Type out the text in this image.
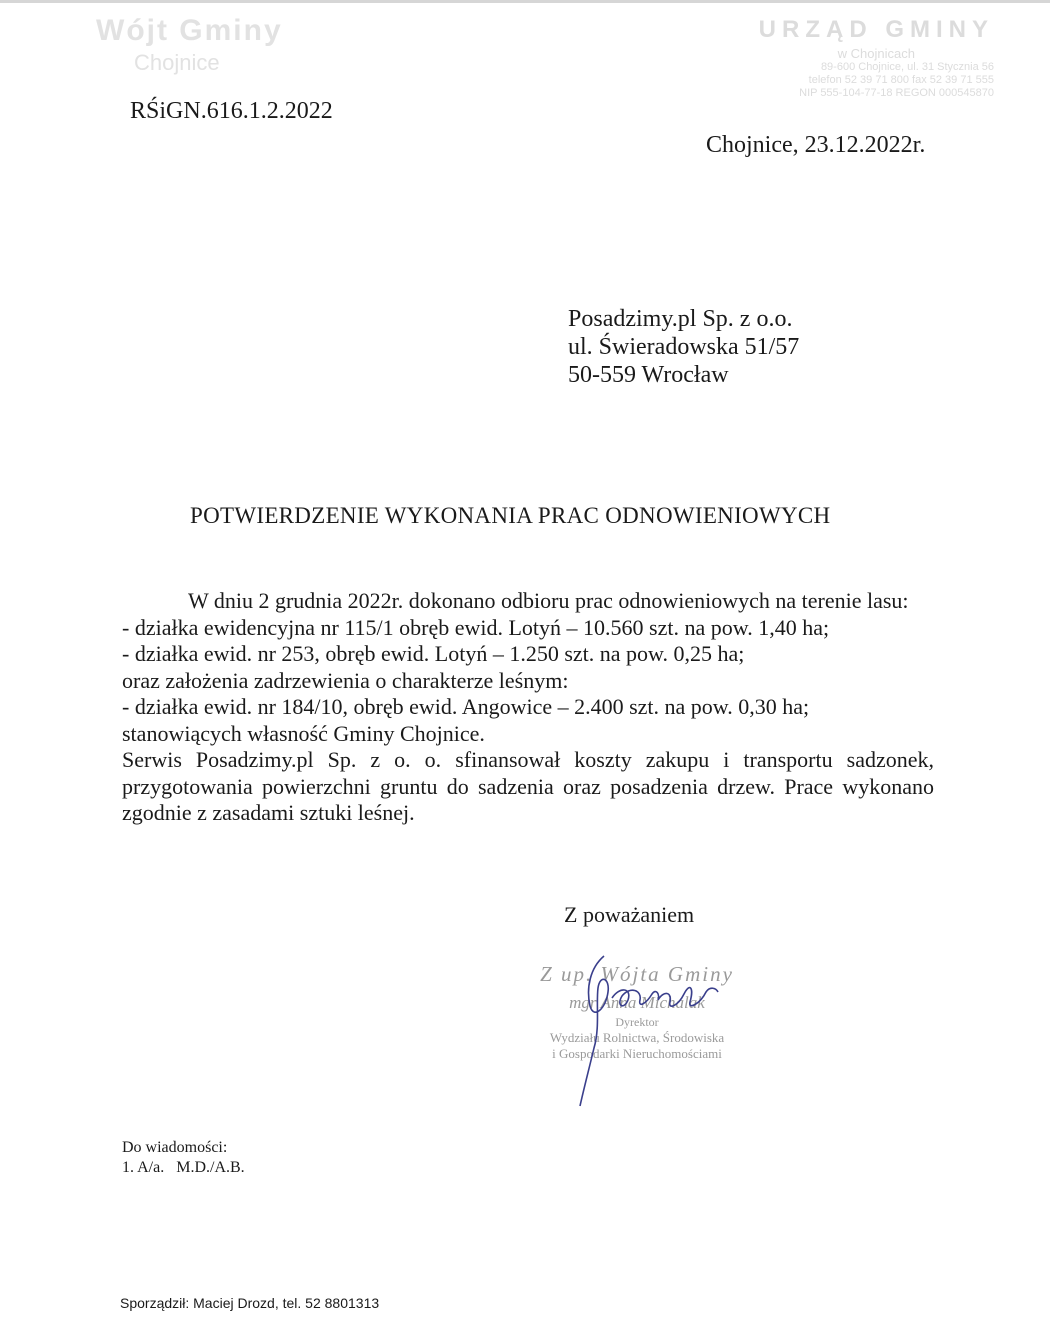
Wójt Gminy
Chojnice
URZĄD GMINY
w Chojnicach
89-600 Chojnice, ul. 31 Stycznia 56
telefon 52 39 71 800 fax 52 39 71 555
NIP 555-104-77-18 REGON 000545870
RŚiGN.616.1.2.2022
Chojnice, 23.12.2022r.
Posadzimy.pl Sp. z o.o.
ul. Świeradowska 51/57
50-559 Wrocław
POTWIERDZENIE WYKONANIA PRAC ODNOWIENIOWYCH

W dniu 2 grudnia 2022r. dokonano odbioru prac odnowieniowych na terenie lasu:

- działka ewidencyjna nr 115/1 obręb ewid. Lotyń – 10.560 szt. na pow. 1,40 ha;

- działka ewid. nr 253, obręb ewid. Lotyń – 1.250 szt. na pow. 0,25 ha;

oraz założenia zadrzewienia o charakterze leśnym:

- działka ewid. nr 184/10, obręb ewid. Angowice – 2.400 szt. na pow. 0,30 ha;

stanowiących własność Gminy Chojnice.

Serwis Posadzimy.pl Sp. z o. o. sfinansował koszty zakupu i transportu sadzonek, przygotowania powierzchni gruntu do sadzenia oraz posadzenia drzew. Prace wykonano zgodnie z zasadami sztuki leśnej.

Z poważaniem
Z up. Wójta Gminy
mgr Anna Michalak
Dyrektor
Wydziału Rolnictwa, Środowiska
i Gospodarki Nieruchomościami
Do wiadomości:
1. A/a.   M.D./A.B.
Sporządził: Maciej Drozd, tel. 52 8801313
